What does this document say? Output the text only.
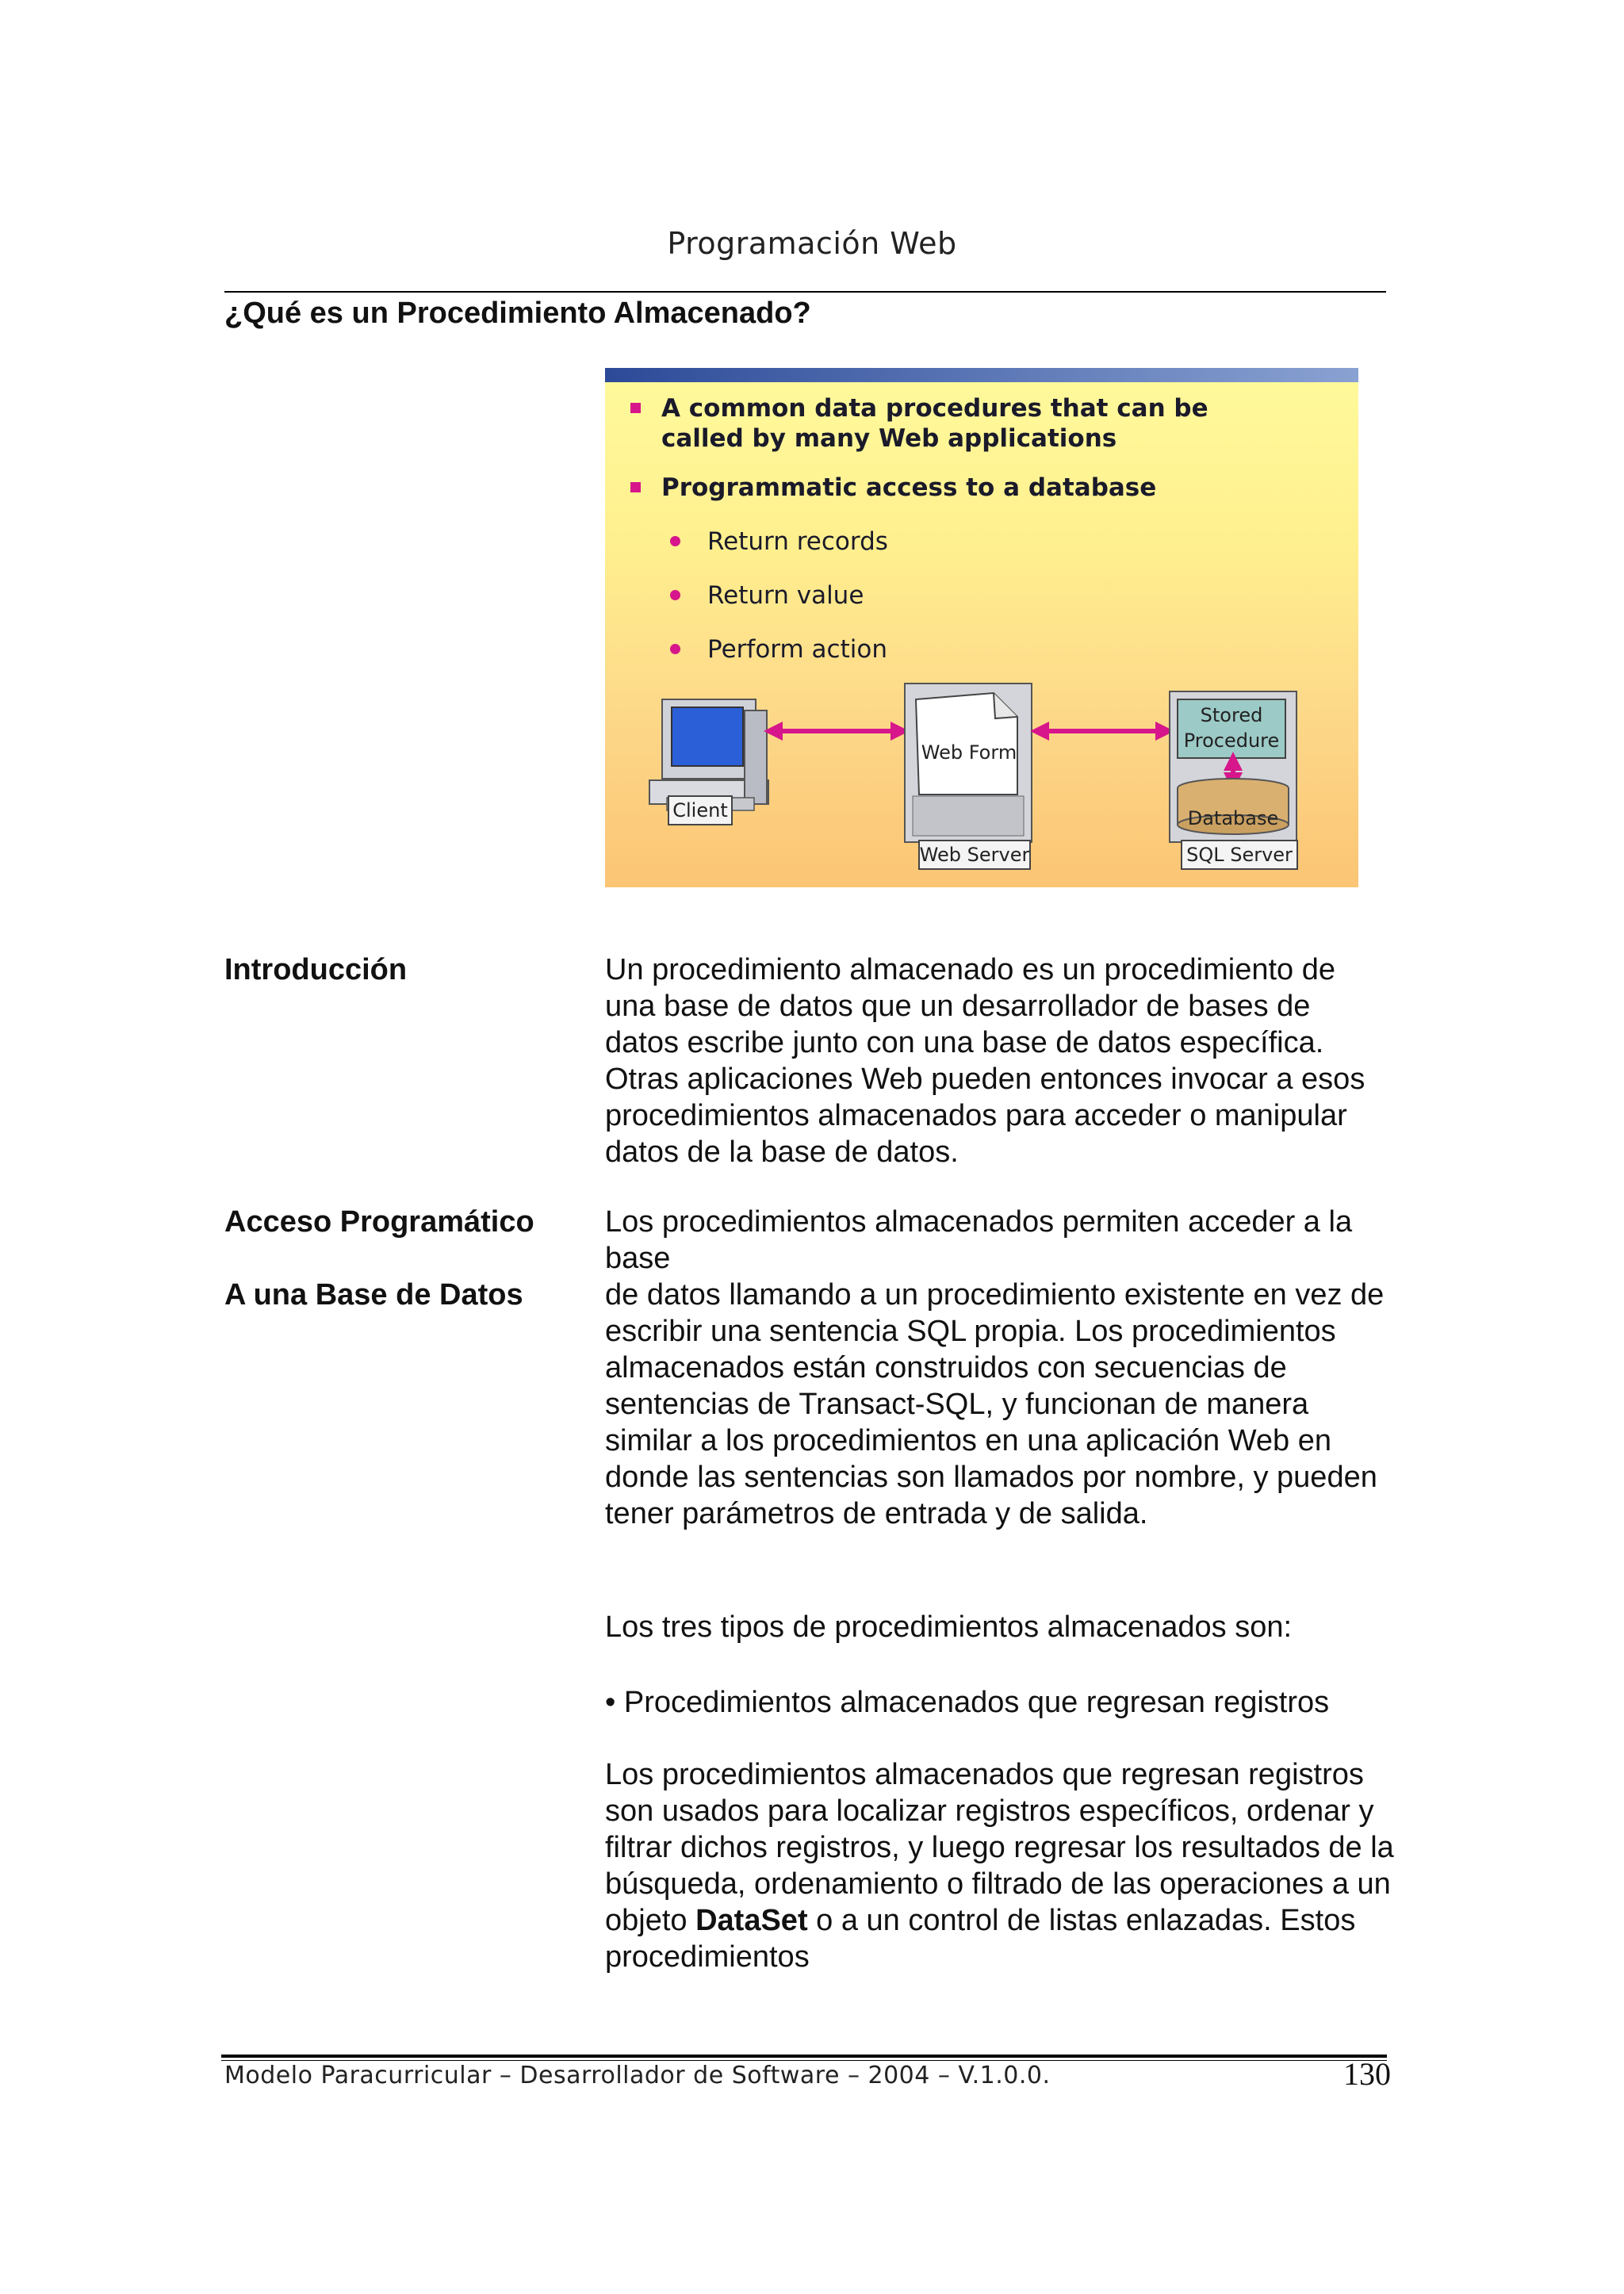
Programación Web
¿Qué es un Procedimiento Almacenado?
A common data procedures that can be called by many Web applications
Programmatic access to a database
Return records
Return value
Perform action
Client
Web Form
Web Server
Stored
Procedure
Database
SQL Server
Introducción	Un procedimiento almacenado es un procedimiento de una base de datos que un desarrollador de bases de datos escribe junto con una base de datos específica. Otras aplicaciones Web pueden entonces invocar a esos procedimientos almacenados para acceder o manipular datos de la base de datos.
Acceso Programático
A una Base de Datos
Los procedimientos almacenados permiten acceder a la base
de datos llamando a un procedimiento existente en vez de escribir una sentencia SQL propia. Los procedimientos almacenados están construidos con secuencias de sentencias de Transact-SQL, y funcionan de manera similar a los procedimientos en una aplicación Web en donde las sentencias son llamados por nombre, y pueden tener parámetros de entrada y de salida.
Los tres tipos de procedimientos almacenados son:
• Procedimientos almacenados que regresan registros
Los procedimientos almacenados que regresan registros son usados para localizar registros específicos, ordenar y filtrar dichos registros, y luego regresar los resultados de la búsqueda, ordenamiento o filtrado de las operaciones a un objeto DataSet o a un control de listas enlazadas. Estos procedimientos
Modelo Paracurricular – Desarrollador de Software – 2004 – V.1.0.0.	130
